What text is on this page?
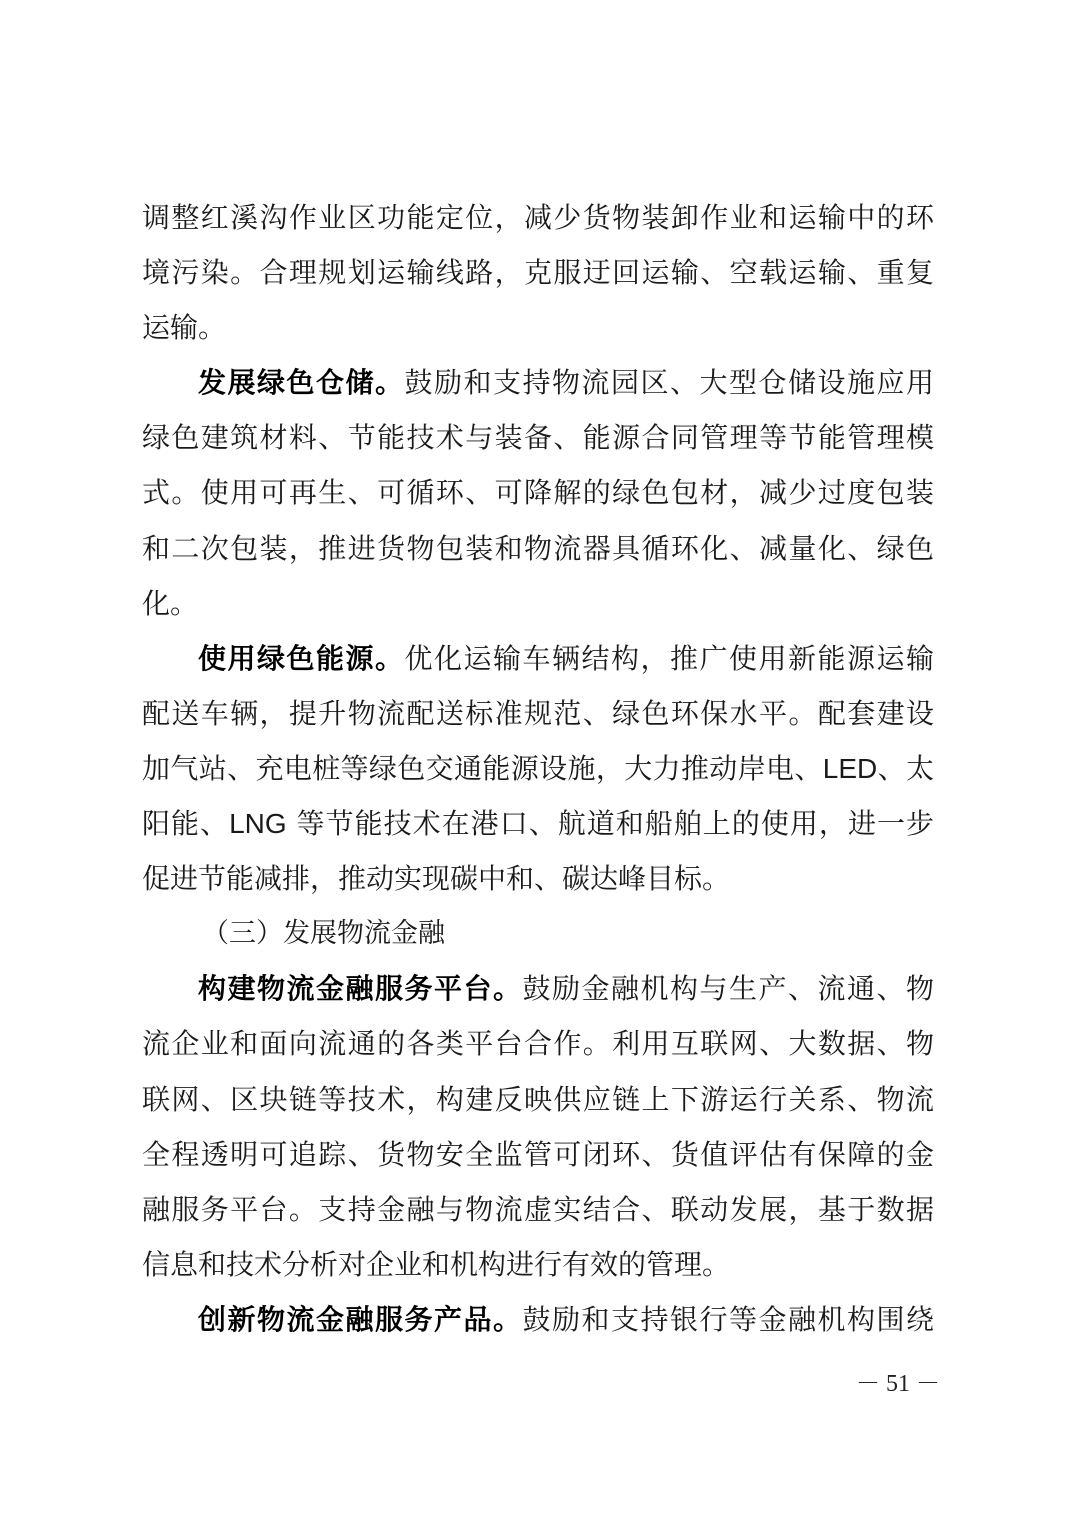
调整红溪沟作业区功能定位，减少货物装卸作业和运输中的环
境污染。合理规划运输线路，克服迂回运输、空载运输、重复
运输。
发展绿色仓储。鼓励和支持物流园区、大型仓储设施应用
绿色建筑材料、节能技术与装备、能源合同管理等节能管理模
式。使用可再生、可循环、可降解的绿色包材，减少过度包装
和二次包装，推进货物包装和物流器具循环化、减量化、绿色
化。
使用绿色能源。优化运输车辆结构，推广使用新能源运输
配送车辆，提升物流配送标准规范、绿色环保水平。配套建设
加气站、充电桩等绿色交通能源设施，大力推动岸电、LED、太
阳能、LNG 等节能技术在港口、航道和船舶上的使用，进一步
促进节能减排，推动实现碳中和、碳达峰目标。
（三）发展物流金融
构建物流金融服务平台。鼓励金融机构与生产、流通、物
流企业和面向流通的各类平台合作。利用互联网、大数据、物
联网、区块链等技术，构建反映供应链上下游运行关系、物流
全程透明可追踪、货物安全监管可闭环、货值评估有保障的金
融服务平台。支持金融与物流虚实结合、联动发展，基于数据
信息和技术分析对企业和机构进行有效的管理。
创新物流金融服务产品。鼓励和支持银行等金融机构围绕
－ 51 －
